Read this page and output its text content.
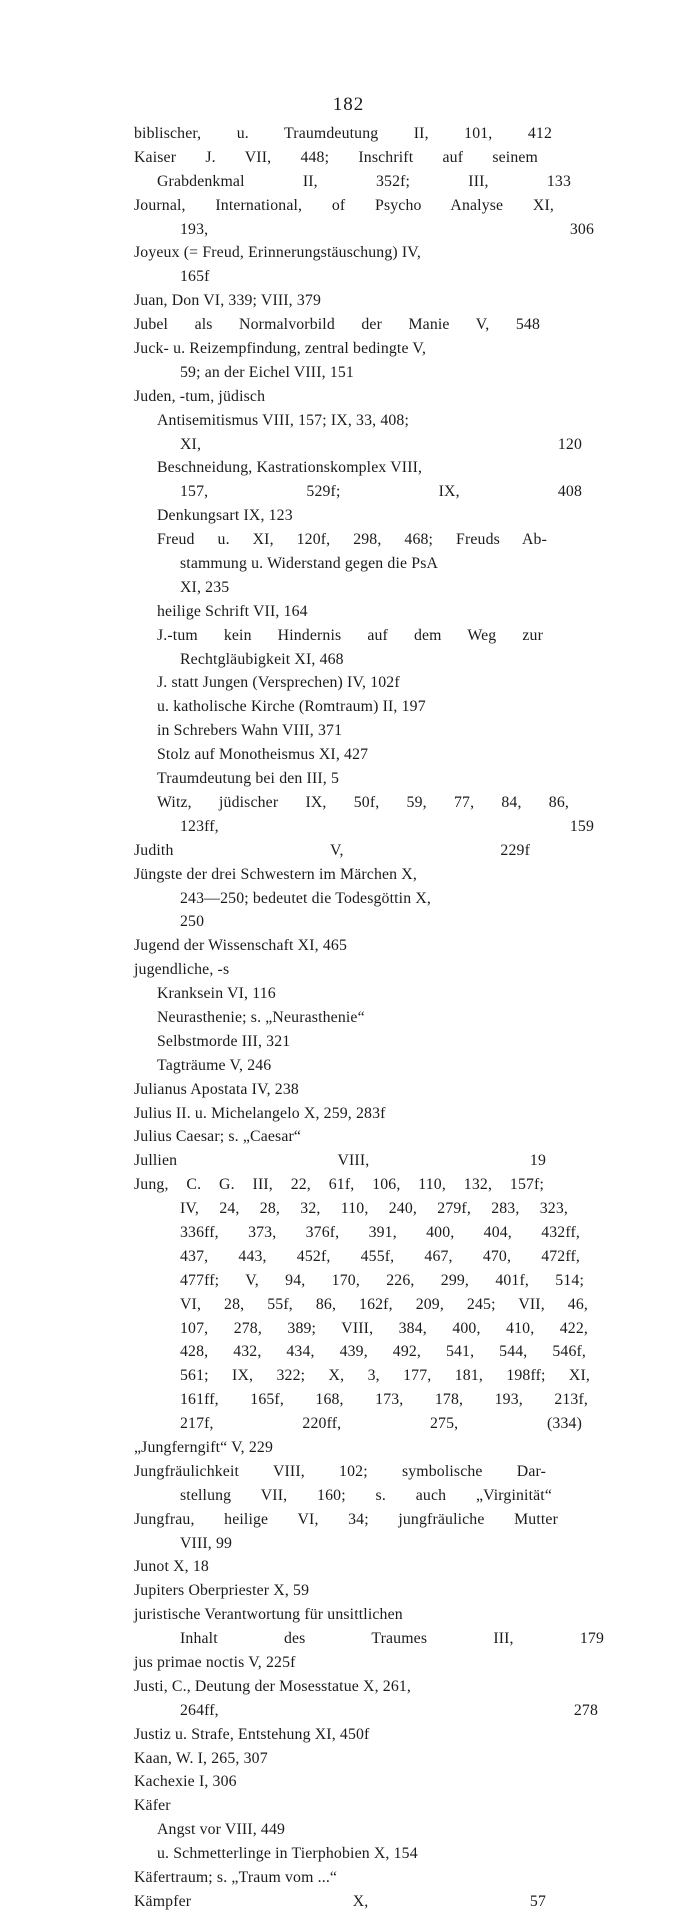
182
biblischer, u. Traumdeutung II, 101, 412
Kaiser J. VII, 448; Inschrift auf seinem
Grabdenkmal II, 352f; III, 133
Journal, International, of Psycho Analyse XI,
193, 306
Joyeux (= Freud, Erinnerungstäuschung) IV,
165f
Juan, Don VI, 339; VIII, 379
Jubel als Normalvorbild der Manie V, 548
Juck- u. Reizempfindung, zentral bedingte V,
59; an der Eichel VIII, 151
Juden, -tum, jüdisch
Antisemitismus VIII, 157; IX, 33, 408;
XI, 120
Beschneidung, Kastrationskomplex VIII,
157, 529f; IX, 408
Denkungsart IX, 123
Freud u. XI, 120f, 298, 468; Freuds Ab-
stammung u. Widerstand gegen die PsA
XI, 235
heilige Schrift VII, 164
J.-tum kein Hindernis auf dem Weg zur
Rechtgläubigkeit XI, 468
J. statt Jungen (Versprechen) IV, 102f
u. katholische Kirche (Romtraum) II, 197
in Schrebers Wahn VIII, 371
Stolz auf Monotheismus XI, 427
Traumdeutung bei den III, 5
Witz, jüdischer IX, 50f, 59, 77, 84, 86,
123ff, 159
Judith V, 229f
Jüngste der drei Schwestern im Märchen X,
243—250; bedeutet die Todesgöttin X,
250
Jugend der Wissenschaft XI, 465
jugendliche, -s
Kranksein VI, 116
Neurasthenie; s. „Neurasthenie“
Selbstmorde III, 321
Tagträume V, 246
Julianus Apostata IV, 238
Julius II. u. Michelangelo X, 259, 283f
Julius Caesar; s. „Caesar“
Jullien VIII, 19
Jung, C. G. III, 22, 61f, 106, 110, 132, 157f;
IV, 24, 28, 32, 110, 240, 279f, 283, 323,
336ff, 373, 376f, 391, 400, 404, 432ff,
437, 443, 452f, 455f, 467, 470, 472ff,
477ff; V, 94, 170, 226, 299, 401f, 514;
VI, 28, 55f, 86, 162f, 209, 245; VII, 46,
107, 278, 389; VIII, 384, 400, 410, 422,
428, 432, 434, 439, 492, 541, 544, 546f,
561; IX, 322; X, 3, 177, 181, 198ff; XI,
161ff, 165f, 168, 173, 178, 193, 213f,
217f, 220ff, 275, (334)
„Jungferngift“ V, 229
Jungfräulichkeit VIII, 102; symbolische Dar-
stellung VII, 160; s. auch „Virginität“
Jungfrau, heilige VI, 34; jungfräuliche Mutter
VIII, 99
Junot X, 18
Jupiters Oberpriester X, 59
juristische Verantwortung für unsittlichen
Inhalt des Traumes III, 179
jus primae noctis V, 225f
Justi, C., Deutung der Mosesstatue X, 261,
264ff, 278
Justiz u. Strafe, Entstehung XI, 450f
Kaan, W. I, 265, 307
Kachexie I, 306
Käfer
Angst vor VIII, 449
u. Schmetterlinge in Tierphobien X, 154
Käfertraum; s. „Traum vom ...“
Kämpfer X, 57
